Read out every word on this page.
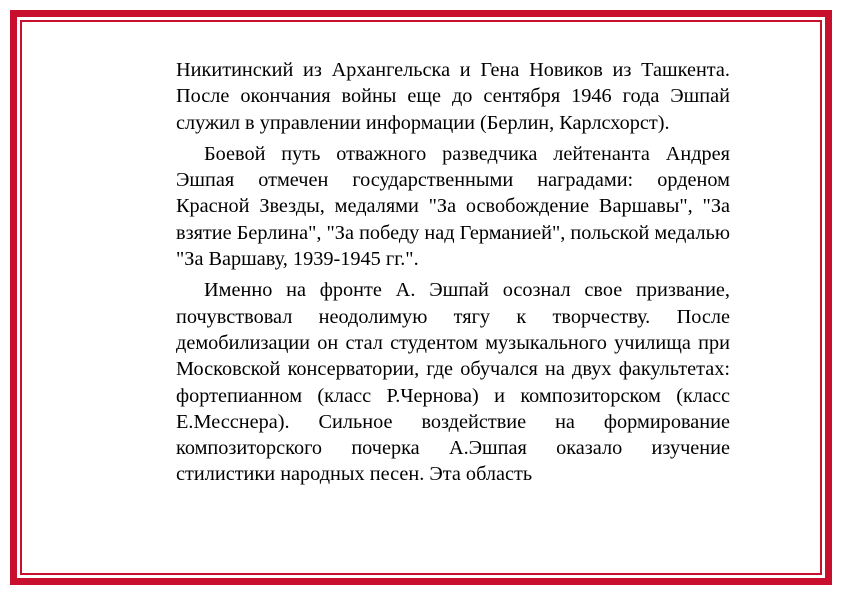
Никитинский из Архангельска и Гена Новиков из Ташкента. После окончания войны еще до сентября 1946 года Эшпай служил в управлении информации (Берлин, Карлсхорст).

Боевой путь отважного разведчика лейтенанта Андрея Эшпая отмечен государственными наградами: орденом Красной Звезды, медалями "За освобождение Варшавы", "За взятие Берлина", "За победу над Германией", польской медалью "За Варшаву, 1939-1945 гг.".

Именно на фронте А. Эшпай осознал свое призвание, почувствовал неодолимую тягу к творчеству. После демобилизации он стал студентом музыкального училища при Московской консерватории, где обучался на двух факультетах: фортепианном (класс Р.Чернова) и композиторском (класс Е.Месснера). Сильное воздействие на формирование композиторского почерка А.Эшпая оказало изучение стилистики народных песен. Эта область
